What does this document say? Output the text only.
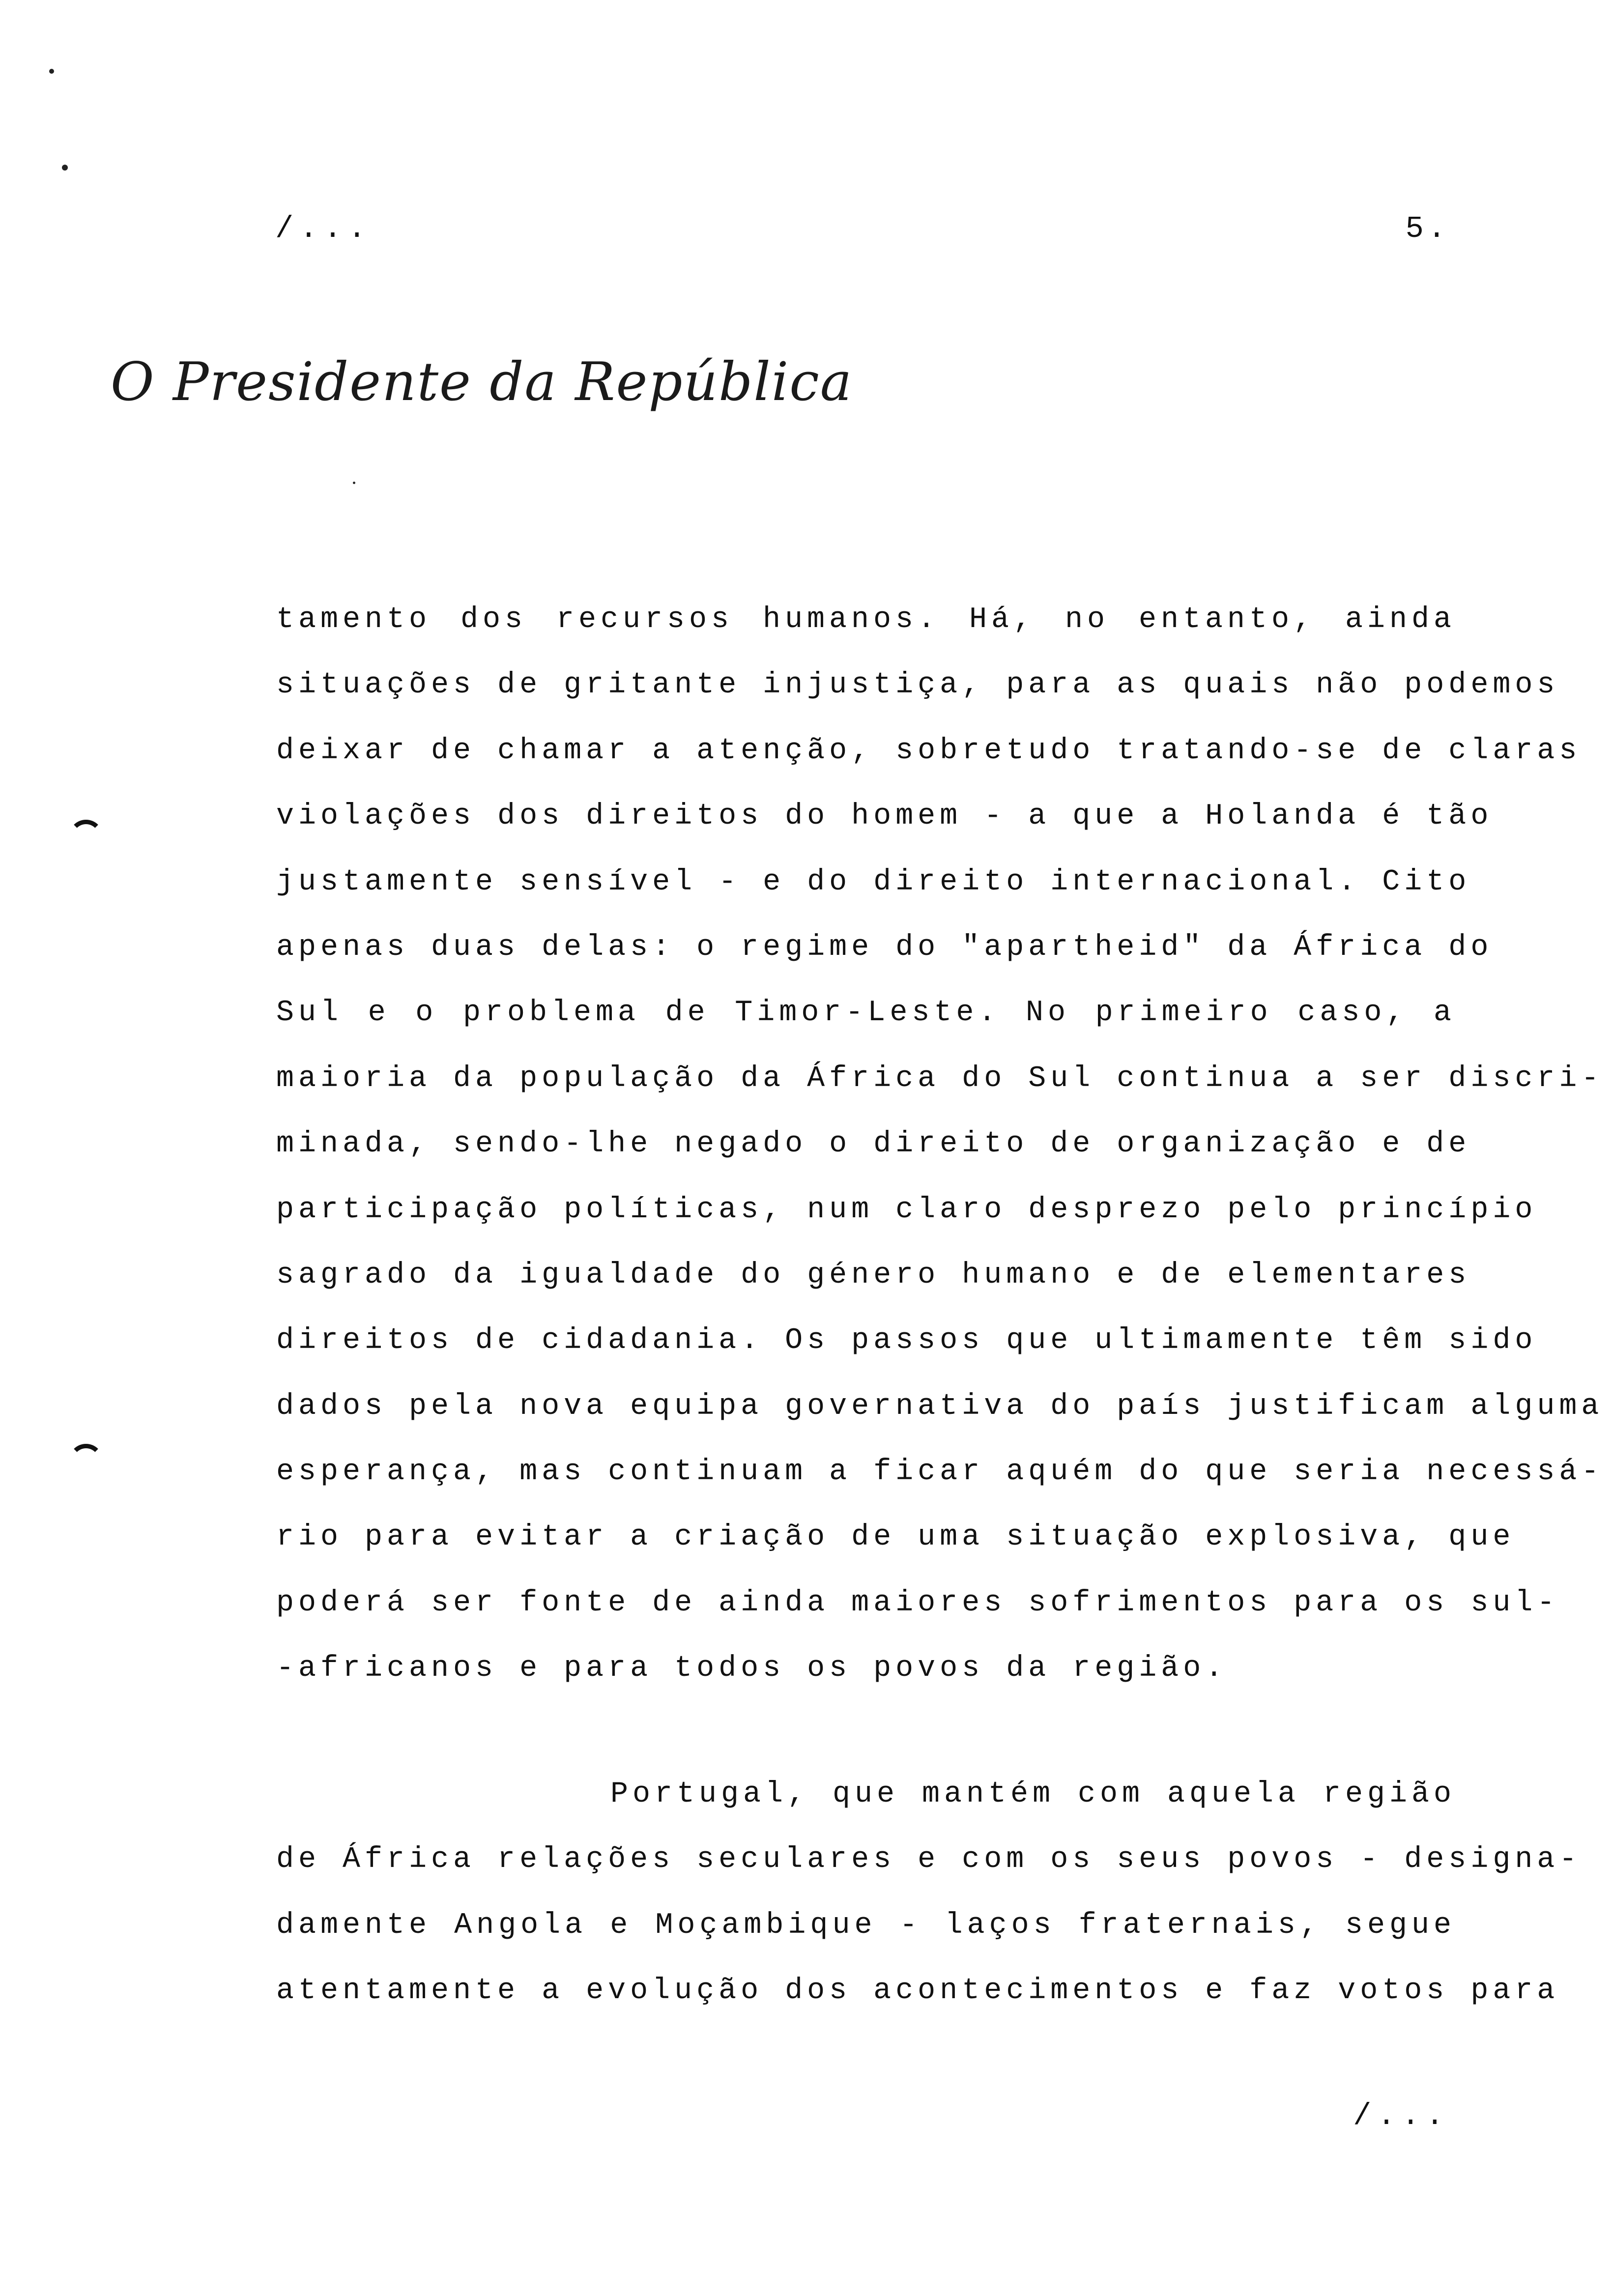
/...	5.
O Presidente da República
tamento dos recursos humanos. Há, no entanto, ainda
situações de gritante injustiça, para as quais não podemos
deixar de chamar a atenção, sobretudo tratando-se de claras
violações dos direitos do homem - a que a Holanda é tão
justamente sensível - e do direito internacional. Cito
apenas duas delas: o regime do "apartheid" da África do
Sul e o problema de Timor-Leste. No primeiro caso, a
maioria da população da África do Sul continua a ser discri-
minada, sendo-lhe negado o direito de organização e de
participação políticas, num claro desprezo pelo princípio
sagrado da igualdade do género humano e de elementares
direitos de cidadania. Os passos que ultimamente têm sido
dados pela nova equipa governativa do país justificam alguma
esperança, mas continuam a ficar aquém do que seria necessá-
rio para evitar a criação de uma situação explosiva, que
poderá ser fonte de ainda maiores sofrimentos para os sul-
-africanos e para todos os povos da região.
Portugal, que mantém com aquela região
de África relações seculares e com os seus povos - designa-
damente Angola e Moçambique - laços fraternais, segue
atentamente a evolução dos acontecimentos e faz votos para
/...
